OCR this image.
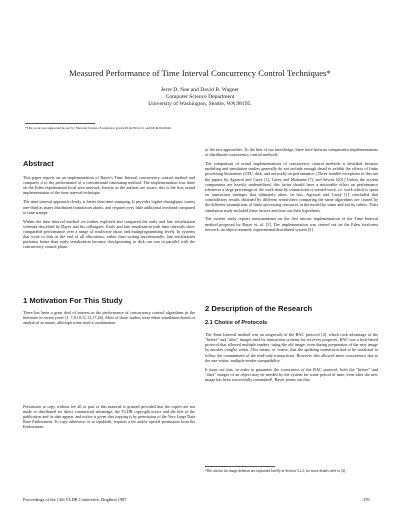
Measured Performance of Time Interval Concurrency Control Techniques*
Jerre D. Noe and David B. Wagner
Computer Science Department
University of Washington, Seattle, WA 98195.
*This work was supported in part by National Science Foundation grants DCR-8011111 and DCR-8420040.
Abstract

This paper reports on an implementation of Bayer's Time Interval concurrency control method and compares it to the performance of a conventional timestamp method. The implementation was done on the Eden experimental local area network. Insofar as the authors are aware, this is the first actual implementation of the time interval technique.

The time interval approach clearly is better than time stamping. It provides higher throughput, causes one-third as many distributed transaction aborts, and requires very little additional overhead compared to time stamps.

Within the time interval method we further explored and compared the early and late serialization schemes described by Bayer and his colleagues. Early and late serialization with time intervals show comparable performance over a range of read/write ratios and multiprogramming levels. In systems that write to disk at the end of all allocations, rather than writing incrementally, late serialization performs better than early serialization because checkpointing to disk can run in parallel with the concurrency control phase.

1 Motivation For This Study

There has been a great deal of interest in the performance of concurrency control algorithms in the literature in recent years [1, 7,8,10,11,13,17,26]. Most of these studies were either simulation-based or analytical in nature, although some used a combination

Permission to copy without fee all or part of this material is granted provided that the copies are not made or distributed for direct commercial advantage, the VLDB copyright notice and the title of the publication and its date appear, and notice is given that copying is by permission of the Very Large Data Base Endowment. To copy otherwise, or to republish, requires a fee and/or special permission from the Endowment.

of the two approaches. To the best of our knowledge, there have been no comparative implementations of distributed concurrency control methods.

The comparison of actual implementations of concurrency control methods is desirable because modeling and simulation studies generally do not include enough detail to exhibit the effects of finite processing limitations (CPU, disk, and network) on performance. [Three notable exceptions to this are the papers by Agrawal and Carey [1], Carey and Muhanna [7], and Sevcik [20].] Unless the system components are heavily underutilized, this factor should have a noticeable effect on performance whenever a large percentage of the work done by transactions is wasted work, i.e. work which is spent on transaction attempts that ultimately abort. In fact, Agrawal and Carey [1] concluded that contradictory results obtained by different researchers comparing the same algorithms are caused by the different assumptions of finite processing resources in the model by some and not by others. Their simulation study included these factors and bore out their hypothesis.

The current study reports measurements on the first known implementation of the Time Interval method proposed by Bayer et. al. [3]. The implementation was carried out on the Eden local-area network, an object-oriented, experimental distributed system [2].

2 Description of the Research
2.1 Choice of Protocols

The Time Interval method was an outgrowth of the RAC protocol [4], which took advantage of the "before" and "after" images used by transaction systems for recovery purposes. RAC was a lock-based protocol that allowed multiple readers, using the old image, even during preparation of the new image by another (single) writer. This meant, of course, that the updating transaction had to be serialized to follow the commitment of the read-only transactions. However, this allowed more concurrency due to the one-writer, multiple-reader compatibility.

It turns out that, in order to guarantee the correctness of the RAC protocol, both the "before" and "after" images of an object may be needed by the system for some period of time, even after the new image has been successfully committed¹. Bayer points out that

¹The criteria for image deletion are explained briefly in Section 3.2.2; for more details refer to [4].
Proceedings of the 13th VLDB Conference, Brighton 1987	359
